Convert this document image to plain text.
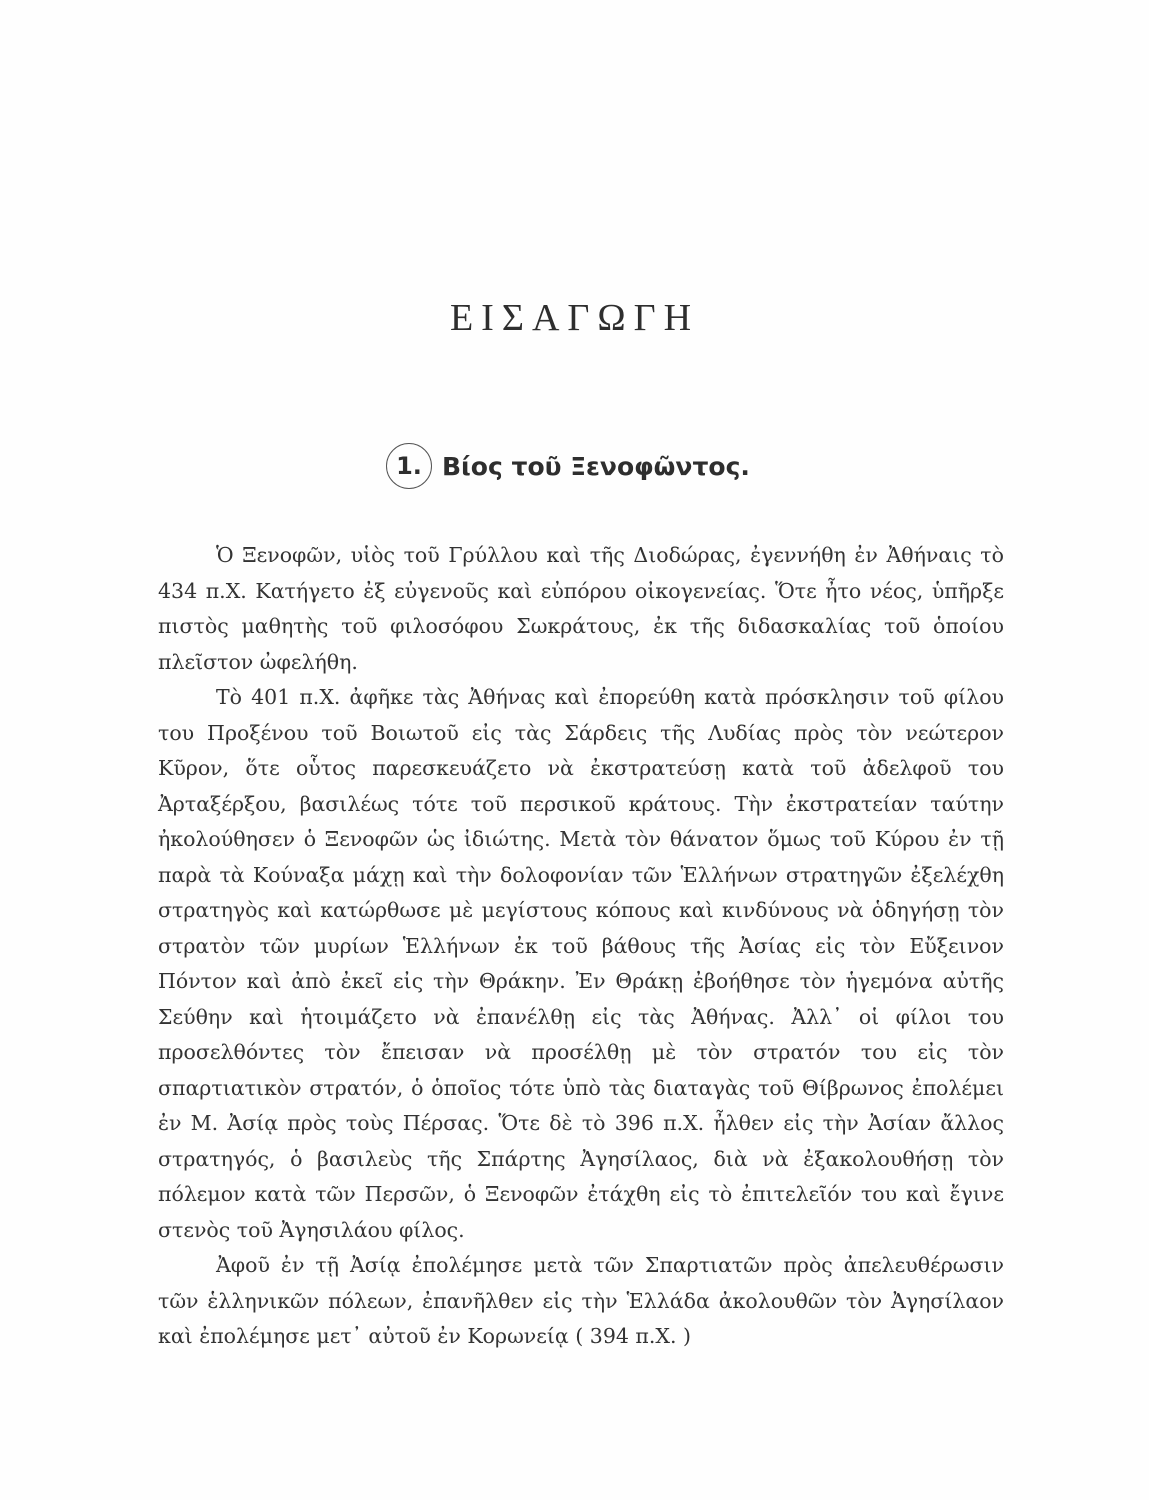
ΕΙΣΑΓΩΓΗ
1. Βίος τοῦ Ξενοφῶντος.

Ὁ Ξενοφῶν, υἱὸς τοῦ Γρύλλου καὶ τῆς Διοδώρας, ἐγεννήθη ἐν Ἀθήναις τὸ 434 π.Χ. Κατήγετο ἐξ εὐγενοῦς καὶ εὐπόρου οἰκογενείας. Ὅτε ἦτο νέος, ὑπῆρξε πιστὸς μαθητὴς τοῦ φιλοσόφου Σωκράτους, ἐκ τῆς διδασκαλίας τοῦ ὁποίου πλεῖστον ὠφελήθη.

Τὸ 401 π.Χ. ἀφῆκε τὰς Ἀθήνας καὶ ἐπορεύθη κατὰ πρόσκλησιν τοῦ φίλου του Προξένου τοῦ Βοιωτοῦ εἰς τὰς Σάρδεις τῆς Λυδίας πρὸς τὸν νεώτερον Κῦρον, ὅτε οὗτος παρεσκευάζετο νὰ ἐκστρατεύσῃ κατὰ τοῦ ἀδελφοῦ του Ἀρταξέρξου, βασιλέως τότε τοῦ περσικοῦ κράτους. Τὴν ἐκστρατείαν ταύτην ἠκολούθησεν ὁ Ξενοφῶν ὡς ἰδιώτης. Μετὰ τὸν θάνατον ὅμως τοῦ Κύρου ἐν τῇ παρὰ τὰ Κούναξα μάχῃ καὶ τὴν δολοφονίαν τῶν Ἑλλήνων στρατηγῶν ἐξελέχθη στρατηγὸς καὶ κατώρθωσε μὲ μεγίστους κόπους καὶ κινδύνους νὰ ὁδηγήσῃ τὸν στρατὸν τῶν μυρίων Ἑλλήνων ἐκ τοῦ βάθους τῆς Ἀσίας εἰς τὸν Εὔξεινον Πόντον καὶ ἀπὸ ἐκεῖ εἰς τὴν Θράκην. Ἐν Θράκῃ ἐβοήθησε τὸν ἡγεμόνα αὐτῆς Σεύθην καὶ ἡτοιμάζετο νὰ ἐπανέλθῃ εἰς τὰς Ἀθήνας. Ἀλλ᾽ οἱ φίλοι του προσελθόντες τὸν ἔπεισαν νὰ προσέλθῃ μὲ τὸν στρατόν του εἰς τὸν σπαρτιατικὸν στρατόν, ὁ ὁποῖος τότε ὑπὸ τὰς διαταγὰς τοῦ Θίβρωνος ἐπολέμει ἐν Μ. Ἀσίᾳ πρὸς τοὺς Πέρσας. Ὅτε δὲ τὸ 396 π.Χ. ἦλθεν εἰς τὴν Ἀσίαν ἄλλος στρατηγός, ὁ βασιλεὺς τῆς Σπάρτης Ἀγησίλαος, διὰ νὰ ἐξακολουθήσῃ τὸν πόλεμον κατὰ τῶν Περσῶν, ὁ Ξενοφῶν ἐτάχθη εἰς τὸ ἐπιτελεῖόν του καὶ ἔγινε στενὸς τοῦ Ἀγησιλάου φίλος.

Ἀφοῦ ἐν τῇ Ἀσίᾳ ἐπολέμησε μετὰ τῶν Σπαρτιατῶν πρὸς ἀπελευθέρωσιν τῶν ἑλληνικῶν πόλεων, ἐπανῆλθεν εἰς τὴν Ἑλλάδα ἀκολουθῶν τὸν Ἀγησίλαον καὶ ἐπολέμησε μετ᾽ αὐτοῦ ἐν Κορωνείᾳ ( 394 π.Χ. )
